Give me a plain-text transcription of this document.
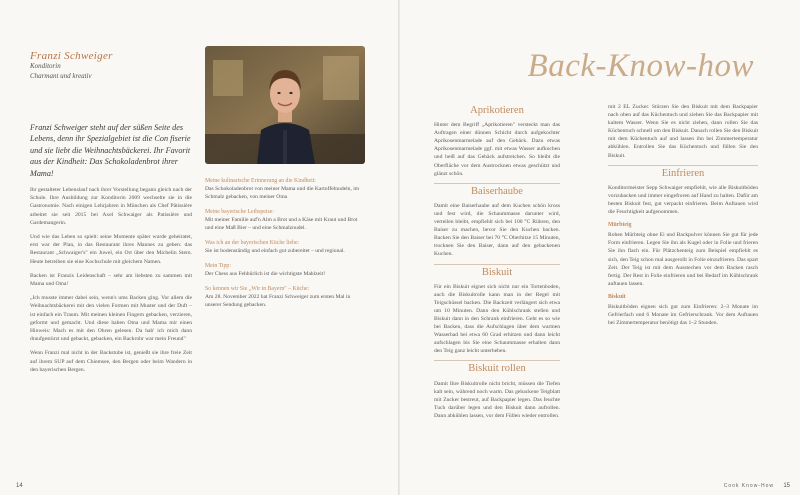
Franzi Schweiger
Konditorin
Charmant und kreativ
Franzi Schweiger steht auf der süßen Seite des Lebens, denn ihr Spezialgebiet ist die Con fiserie und sie liebt die Weihnachtsbäckerei. Ihr Favorit aus der Kindheit: Das Schokoladenbrot ihrer Mama!

Ihr gestalteter Lebenslauf nach ihrer Vorstellung begann gleich nach der Schule. Ihre Ausbildung zur Konditorin 2009 wechselte sie in die Gastronomie. Nach einigen Lehrjahren in München als Chef Pâtissière arbeitet sie seit 2015 bei Axel Schwaiger als Patissière und Gardemangerin.

Und wie das Leben so spielt: seine Momente später wurde geheiratet, erst war der Plan, in das Restaurant ihres Mannes zu gehen: das Restaurant „Schwaiger's" ein Juwel, ein Ort über den Michelin Stern. Heute betreiben sie eine Kochschule mit gleichem Namen.

Backen ist Franzis Leidenschaft – sehr am liebsten zu sammen mit Mama und Oma!

„Ich musste immer dabei sein, wenn's ums Backen ging. Vor allem die Weihnachtsbäckerei mit den vielen Formen mit Muster und der Duft – ist einfach ein Traum. Mit meinen kleinen Fingern gebacken, verzieren, geformt und gemacht. Und diese haben Oma und Mama mir einen Hinweis: Mach es mit den Ohren gelesen. Da hab' ich mich dann draufgestürzt und gebackt, gebacken, ein Backrohr war mein Freund"

Wenn Franzi mal nicht in der Backstube ist, genießt sie ihre freie Zeit auf ihrem SUP auf dem Chiemsee, den Bergen oder beim Wandern in den bayerischen Bergen.

Meine kulinarische Erinnerung an die Kindheit:

Das Schokoladenbrot von meiner Mama und die Kartoffelnudeln, im Schmalz gebacken, von meiner Oma

Meine bayerische Leibspeise:

Mit meiner Familie auf'n Alm a Brot und a Käse mit Kraut und Brot und eine Maß Bier – und eine Schmalznudel.

Was ich an der bayerischen Küche liebe:

Sie ist bodenständig und einfach gut zubereitet – und regional.

Mein Tipp:

Der Chess aus Fehbürlich ist die wichtigste Mahlzeit!

So kennen wir Sie „Wir in Bayern" – Küche:

Am 28. November 2022 hat Franzi Schweiger zum ersten Mal in unserer Sendung gebacken.

14
Back-Know-how
Aprikotieren

Hinter dem Begriff „Aprikotieren" versteckt man das Auftragen einer dünnen Schicht durch aufgekochter Aprikosenmarmelade auf den Gebäck. Dazu etwas Aprikosenmarmelade ggf. mit etwas Wasser aufkochen und heiß auf das Gebäck aufstreichen. So bleibt die Oberfläche vor dem Austrocknen etwas geschützt und glänzt schön.

Baiserhaube

Damit eine Baiserhaube auf dem Kuchen schön kross und fest wird, die Schaummasse darunter wird, verteilen bleibt, empfiehlt sich bei 100 °C Rühren, den Baiser zu machen, bevor Sie den Kuchen backen. Backen Sie den Baiser bei 70 °C Oberhitze 15 Minuten, trocknen Sie den Baiser, dann auf den gebackenen Kuchen.

Biskuit

Für ein Biskuit eignet sich nicht nur ein Tortenboden, auch die Biskuitrolle kann man in der Regel mit Teigschüssel backen. Die Backzeit verlängert sich etwa um 10 Minuten. Dann den Kühlschrank stellen und Biskuit dann in den Schrank einfrieren. Geht es so wie bei Backen, dass die Aufschlagen über dem warmen Wasserbad bei etwa 60 Grad erhitzen und dann leicht aufschlagen bis Sie eine Schaummasse erhalten dann den Teig ganz leicht unterheben.

Biskuit rollen

Damit Ihre Biskuitrolle nicht bricht, müssen die Tiefen kalt sein, während noch warm. Das gebackene Teigblatt mit Zucker bestreut, auf Backpapier legen. Das feuchte Tuch darüber legen und den Biskuit dann aufrollen. Dann abkühlen lassen, vor dem Füllen wieder entrollen.

mit 2 EL Zucker. Stürzen Sie den Biskuit mit dem Backpapier nach oben auf das Küchentuch und ziehen Sie das Backpapier mit kaltem Wasser. Wenn Sie es nicht ziehen, dann rollen Sie das Küchentuch schnell um den Biskuit. Danach rollen Sie den Biskuit mit dem Küchentuch auf und lassen ihn bei Zimmertemperatur abkühlen. Entrollen Sie das Küchentuch und füllen Sie den Biskuit.

Einfrieren

Konditormeister Sepp Schwaiger empfiehlt, wie alle Biskuitböden vorzubacken und immer eingefroren auf Hand zu halten. Dafür am besten Biskuit fest, gut verpackt einfrieren. Beim Auftauen wird die Feuchtigkeit aufgenommen.

Mürbteig

Rohen Mürbteig ohne Ei und Backpulver können Sie gut für jede Form einfrieren. Legen Sie ihn als Kugel oder in Folie und frieren Sie ihn flach ein. Für Plätzchenteig zum Beispiel empfiehlt es sich, den Teig schon mal ausgerollt in Folie einzufrieren. Das spart Zeit. Der Teig ist mit dem Ausstechen vor dem Backen rasch fertig. Der Rest in Folie einfrieren und bei Bedarf im Kühlschrank auftauen lassen.

Biskuit

Biskuitböden eignen sich gut zum Einfrieren: 2–3 Monate im Gefrierfach und 6 Monate im Gefrierschrank. Vor dem Auftauen bei Zimmertemperatur benötigt das 1–2 Stunden.

Cook Know-How 15
